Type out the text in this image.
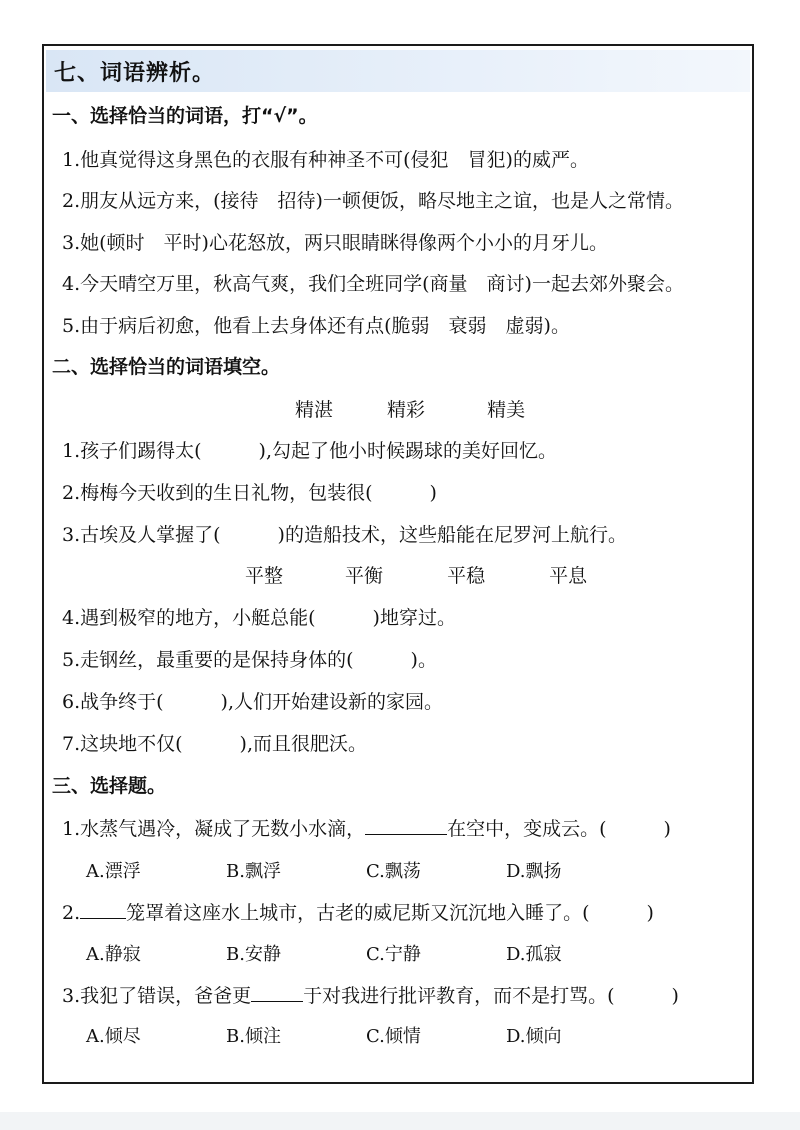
七、词语辨析。
一、选择恰当的词语，打“√”。
1.他真觉得这身黑色的衣服有种神圣不可(侵犯　冒犯)的威严。
2.朋友从远方来，(接待　招待)一顿便饭，略尽地主之谊，也是人之常情。
3.她(顿时　平时)心花怒放，两只眼睛眯得像两个小小的月牙儿。
4.今天晴空万里，秋高气爽，我们全班同学(商量　商讨)一起去郊外聚会。
5.由于病后初愈，他看上去身体还有点(脆弱　衰弱　虚弱)。
二、选择恰当的词语填空。
精湛	精彩	精美
1.孩子们踢得太(　　　),勾起了他小时候踢球的美好回忆。
2.梅梅今天收到的生日礼物，包装很(　　　)
3.古埃及人掌握了(　　　)的造船技术，这些船能在尼罗河上航行。
平整	平衡	平稳	平息
4.遇到极窄的地方，小艇总能(　　　)地穿过。
5.走钢丝，最重要的是保持身体的(　　　)。
6.战争终于(　　　),人们开始建设新的家园。
7.这块地不仅(　　　),而且很肥沃。
三、选择题。
1.水蒸气遇冷，凝成了无数小水滴，	在空中，变成云。(　　　)
A.漂浮	B.飘浮	C.飘荡	D.飘扬
2. 笼罩着这座水上城市，古老的威尼斯又沉沉地入睡了。(　　　)
A.静寂	B.安静	C.宁静	D.孤寂
3.我犯了错误，爸爸更	于对我进行批评教育，而不是打骂。(　　　)
A.倾尽	B.倾注	C.倾情	D.倾向
